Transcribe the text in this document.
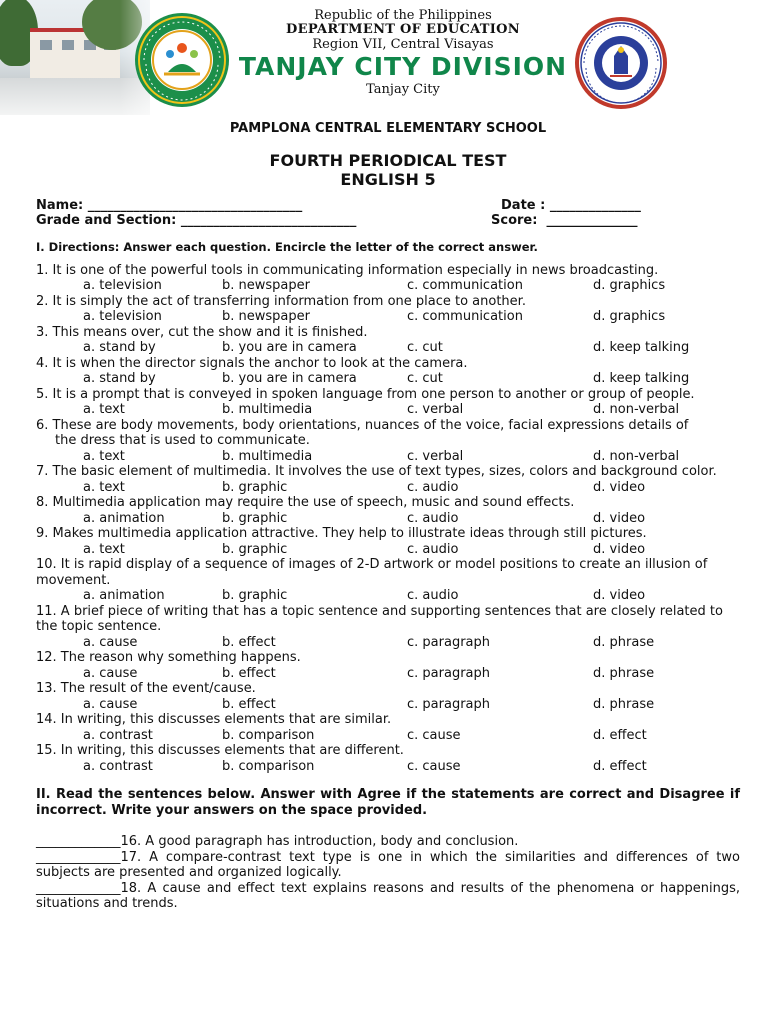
Republic of the Philippines
DEPARTMENT OF EDUCATION
Region VII, Central Visayas
TANJAY CITY DIVISION
Tanjay City
PAMPLONA CENTRAL ELEMENTARY SCHOOL
FOURTH PERIODICAL TEST
ENGLISH 5
Name: _________________________________	Date : ______________
Grade and Section: ___________________________	Score:  ______________
I. Directions: Answer each question. Encircle the letter of the correct answer.
1. It is one of the powerful tools in communicating information especially in news broadcasting.
a. television	b. newspaper	c. communication	d. graphics
2. It is simply the act of transferring information from one place to another.
a. television	b. newspaper	c. communication	d. graphics
3. This means over, cut the show and it is finished.
a. stand by	b. you are in camera	c. cut	d. keep talking
4. It is when the director signals the anchor to look at the camera.
a. stand by	b. you are in camera	c. cut	d. keep talking
5. It is a prompt that is conveyed in spoken language from one person to another or group of people.
a. text	b. multimedia	c. verbal	d. non-verbal
6. These are body movements, body orientations, nuances of the voice, facial expressions details of
the dress that is used to communicate.
a. text	b. multimedia	c. verbal	d. non-verbal
7. The basic element of multimedia. It involves the use of text types, sizes, colors and background color.
a. text	b. graphic	c. audio	d. video
8. Multimedia application may require the use of speech, music and sound effects.
a. animation	b. graphic	c. audio	d. video
9. Makes multimedia application attractive. They help to illustrate ideas through still pictures.
a. text	b. graphic	c. audio	d. video
10. It is rapid display of a sequence of images of 2-D artwork or model positions to create an illusion of movement.
a. animation	b. graphic	c. audio	d. video
11. A brief piece of writing that has a topic sentence and supporting sentences that are closely related to the topic sentence.
a. cause	b. effect	c. paragraph	d. phrase
12. The reason why something happens.
a. cause	b. effect	c. paragraph	d. phrase
13. The result of the event/cause.
a. cause	b. effect	c. paragraph	d. phrase
14. In writing, this discusses elements that are similar.
a. contrast	b. comparison	c. cause	d. effect
15. In writing, this discusses elements that are different.
a. contrast	b. comparison	c. cause	d. effect
II. Read the sentences below. Answer with Agree if the statements are correct and Disagree if incorrect. Write your answers on the space provided.
_____________16. A good paragraph has introduction, body and conclusion.
_____________17. A compare-contrast text type is one in which the similarities and differences of two subjects are presented and organized logically.
_____________18. A cause and effect text explains reasons and results of the phenomena or happenings, situations and trends.
